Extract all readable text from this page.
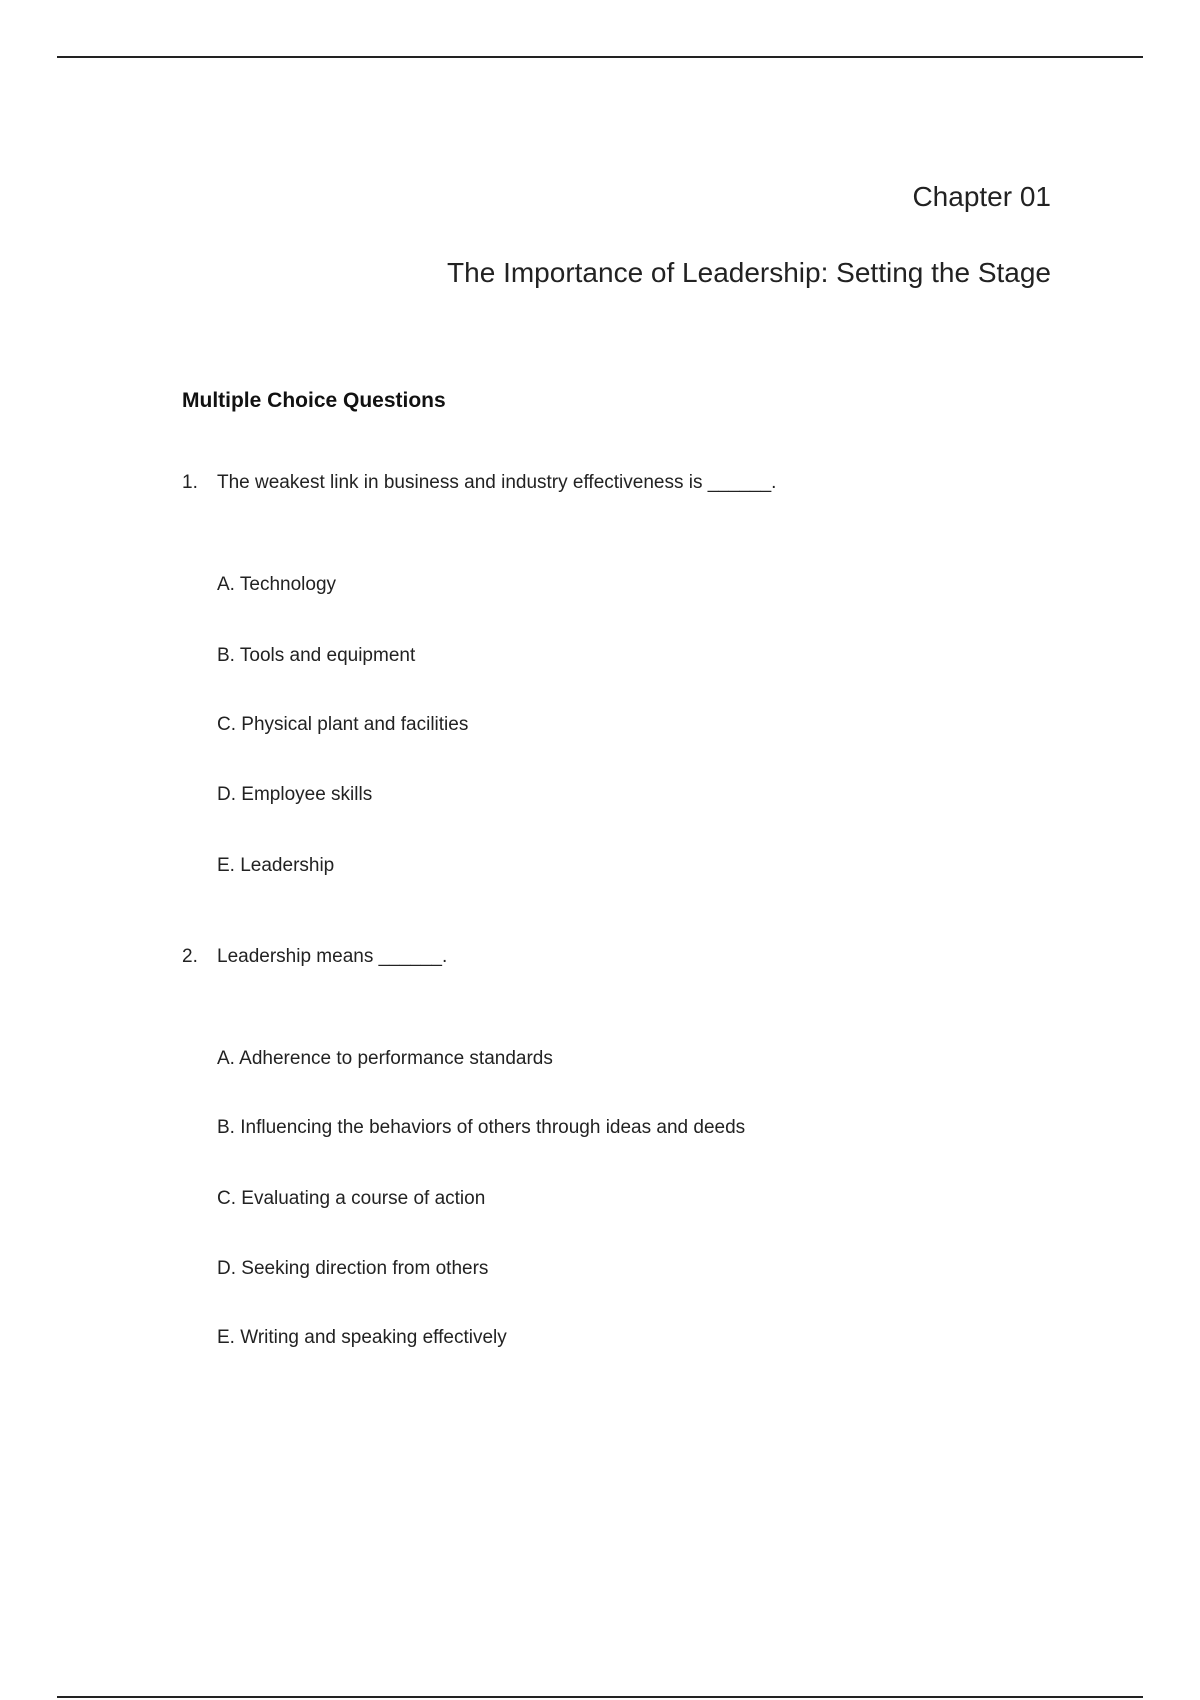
Chapter 01
The Importance of Leadership: Setting the Stage
Multiple Choice Questions
1. The weakest link in business and industry effectiveness is ______.
A. Technology
B. Tools and equipment
C. Physical plant and facilities
D. Employee skills
E. Leadership
2. Leadership means ______.
A. Adherence to performance standards
B. Influencing the behaviors of others through ideas and deeds
C. Evaluating a course of action
D. Seeking direction from others
E. Writing and speaking effectively
